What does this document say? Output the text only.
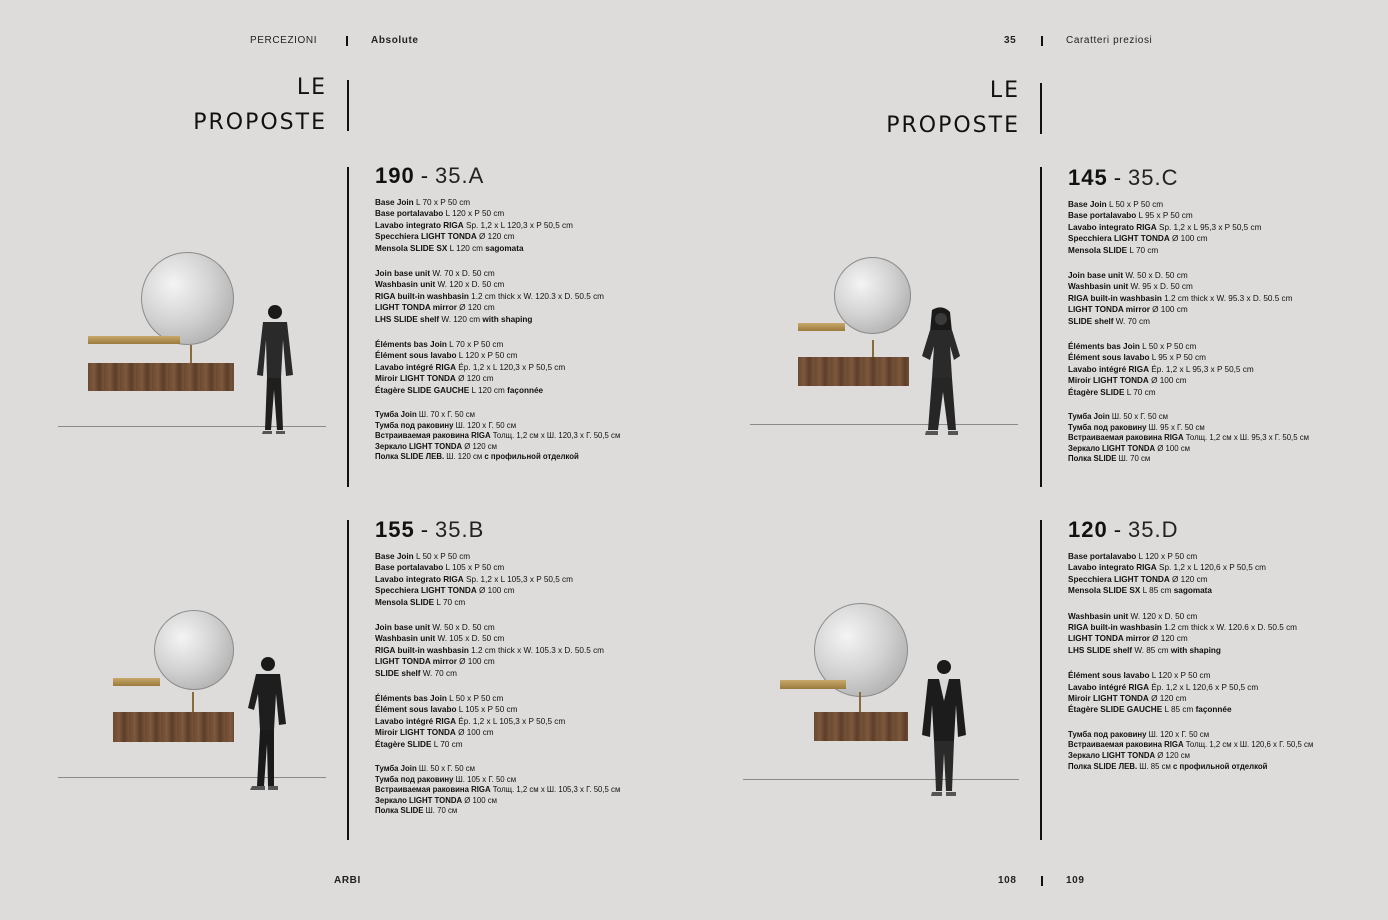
PERCEZIONI	Absolute	35	Caratteri preziosi
LE
PROPOSTE
LE
PROPOSTE
190 - 35.A
Base Join L 70 x P 50 cm
Base portalavabo L 120 x P 50 cm
Lavabo integrato RIGA Sp. 1,2 x L 120,3 x P 50,5 cm
Specchiera LIGHT TONDA Ø 120 cm
Mensola SLIDE SX L 120 cm sagomata
Join base unit W. 70 x D. 50 cm
Washbasin unit W. 120 x D. 50 cm
RIGA built-in washbasin 1.2 cm thick x W. 120.3 x D. 50.5 cm
LIGHT TONDA mirror Ø 120 cm
LHS SLIDE shelf W. 120 cm with shaping
Éléments bas Join L 70 x P 50 cm
Élément sous lavabo L 120 x P 50 cm
Lavabo intégré RIGA Ép. 1,2 x L 120,3 x P 50,5 cm
Miroir LIGHT TONDA Ø 120 cm
Étagère SLIDE GAUCHE L 120 cm façonnée
Тумба Join Ш. 70 x Г. 50 см
Тумба под раковину Ш. 120 x Г. 50 см
Встраиваемая раковина RIGA Толщ. 1,2 см x Ш. 120,3 x Г. 50,5 см
Зеркало LIGHT TONDA Ø 120 см
Полка SLIDE ЛЕВ. Ш. 120 см с профильной отделкой
155 - 35.B
Base Join L 50 x P 50 cm
Base portalavabo L 105 x P 50 cm
Lavabo integrato RIGA Sp. 1,2 x L 105,3 x P 50,5 cm
Specchiera LIGHT TONDA Ø 100 cm
Mensola SLIDE L 70 cm
Join base unit W. 50 x D. 50 cm
Washbasin unit W. 105 x D. 50 cm
RIGA built-in washbasin 1.2 cm thick x W. 105.3 x D. 50.5 cm
LIGHT TONDA mirror Ø 100 cm
SLIDE shelf W. 70 cm
Éléments bas Join L 50 x P 50 cm
Élément sous lavabo L 105 x P 50 cm
Lavabo intégré RIGA Ép. 1,2 x L 105,3 x P 50,5 cm
Miroir LIGHT TONDA Ø 100 cm
Étagère SLIDE L 70 cm
Тумба Join Ш. 50 x Г. 50 см
Тумба под раковину Ш. 105 x Г. 50 см
Встраиваемая раковина RIGA Толщ. 1,2 см x Ш. 105,3 x Г. 50,5 см
Зеркало LIGHT TONDA Ø 100 см
Полка SLIDE Ш. 70 см
145 - 35.C
Base Join L 50 x P 50 cm
Base portalavabo L 95 x P 50 cm
Lavabo integrato RIGA Sp. 1,2 x L 95,3 x P 50,5 cm
Specchiera LIGHT TONDA Ø 100 cm
Mensola SLIDE L 70 cm
Join base unit W. 50 x D. 50 cm
Washbasin unit W. 95 x D. 50 cm
RIGA built-in washbasin 1.2 cm thick x W. 95.3 x D. 50.5 cm
LIGHT TONDA mirror Ø 100 cm
SLIDE shelf W. 70 cm
Éléments bas Join L 50 x P 50 cm
Élément sous lavabo L 95 x P 50 cm
Lavabo intégré RIGA Ép. 1,2 x L 95,3 x P 50,5 cm
Miroir LIGHT TONDA Ø 100 cm
Étagère SLIDE L 70 cm
Тумба Join Ш. 50 x Г. 50 см
Тумба под раковину Ш. 95 x Г. 50 см
Встраиваемая раковина RIGA Толщ. 1,2 см x Ш. 95,3 x Г. 50,5 см
Зеркало LIGHT TONDA Ø 100 см
Полка SLIDE Ш. 70 см
120 - 35.D
Base portalavabo L 120 x P 50 cm
Lavabo integrato RIGA Sp. 1,2 x L 120,6 x P 50,5 cm
Specchiera LIGHT TONDA Ø 120 cm
Mensola SLIDE SX L 85 cm sagomata
Washbasin unit W. 120 x D. 50 cm
RIGA built-in washbasin 1.2 cm thick x W. 120.6 x D. 50.5 cm
LIGHT TONDA mirror Ø 120 cm
LHS SLIDE shelf W. 85 cm with shaping
Élément sous lavabo L 120 x P 50 cm
Lavabo intégré RIGA Ép. 1,2 x L 120,6 x P 50,5 cm
Miroir LIGHT TONDA Ø 120 cm
Étagère SLIDE GAUCHE L 85 cm façonnée
Тумба под раковину Ш. 120 x Г. 50 см
Встраиваемая раковина RIGA Толщ. 1,2 см x Ш. 120,6 x Г. 50,5 см
Зеркало LIGHT TONDA Ø 120 см
Полка SLIDE ЛЕВ. Ш. 85 см с профильной отделкой
ARBI	108	109
